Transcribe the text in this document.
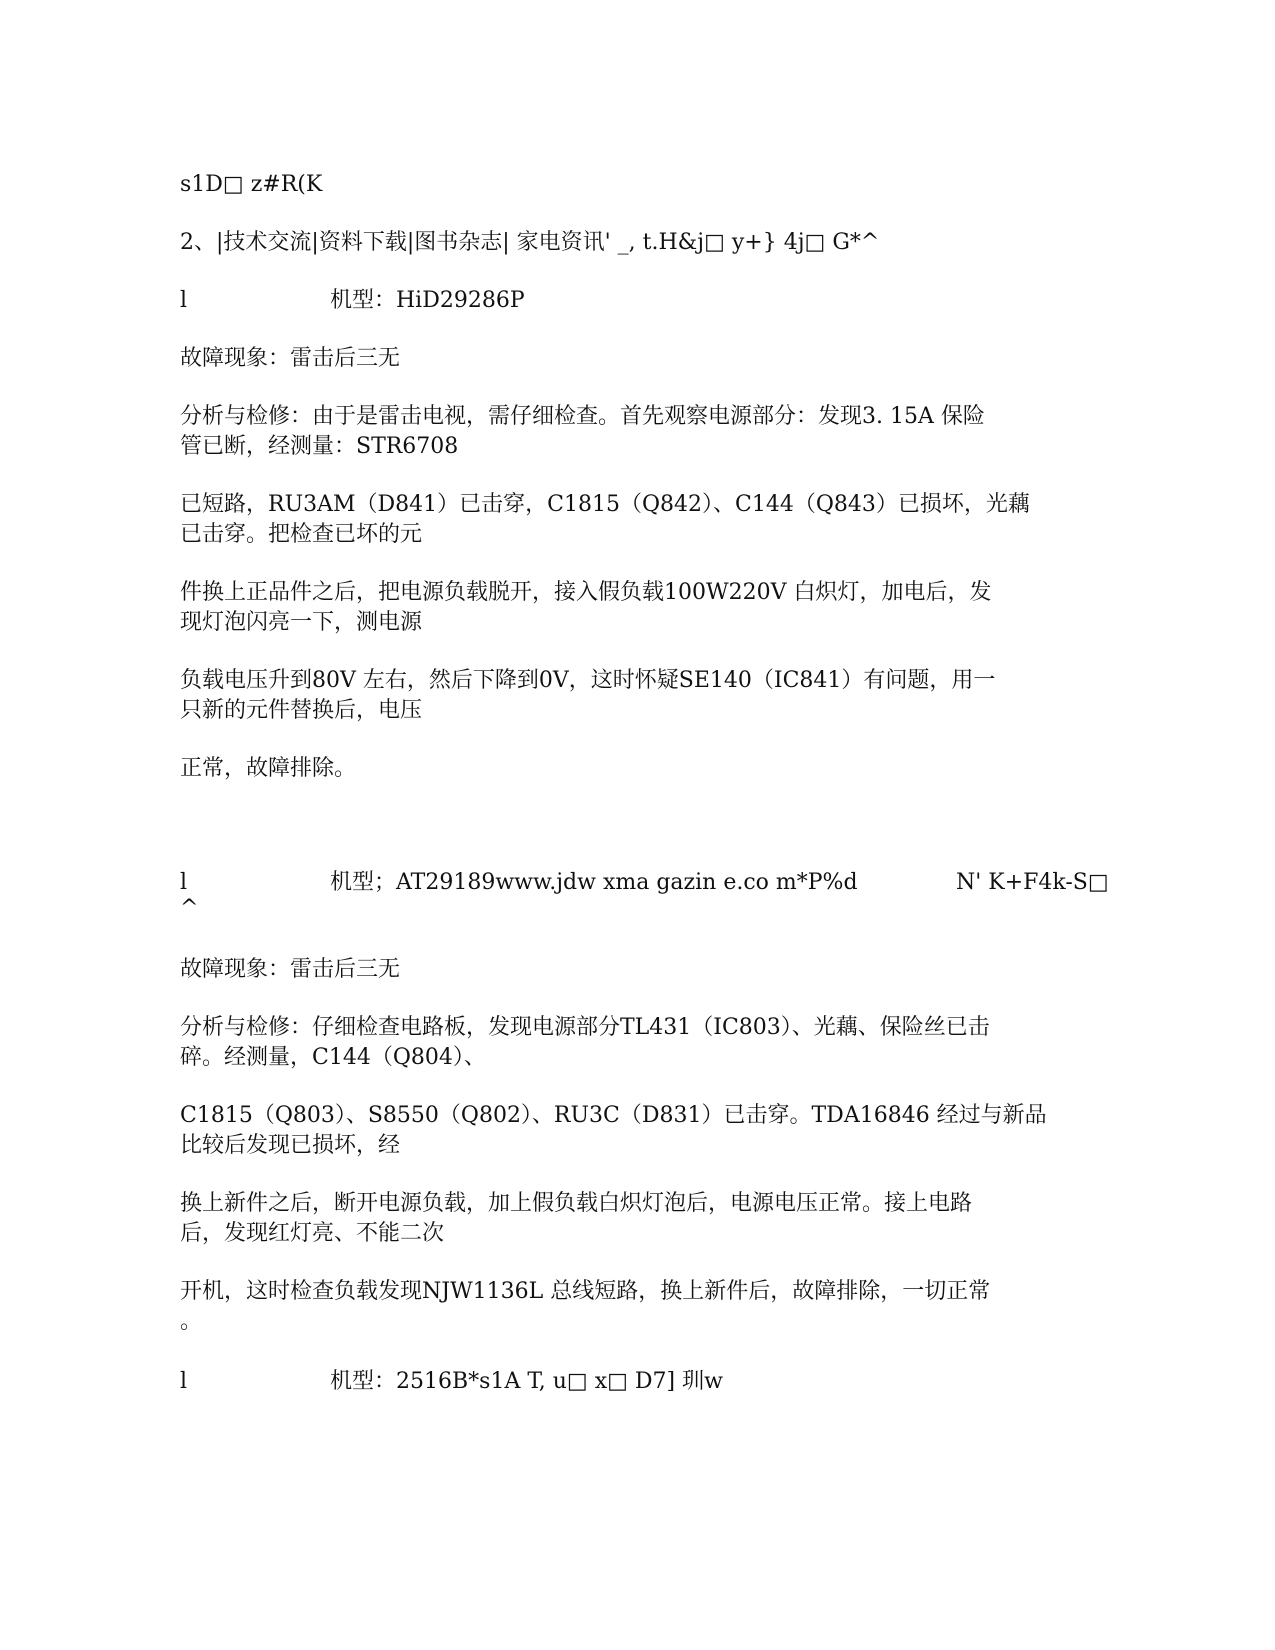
s1D□ z#R(K

2、|技术交流|资料下载|图书杂志| 家电资讯' _, t.H&j□ y+} 4j□ G*^

l	机型：HiD29286P

故障现象：雷击后三无

分析与检修：由于是雷击电视，需仔细检查。首先观察电源部分：发现3. 15A 保险

管已断，经测量：STR6708

已短路，RU3AM（D841）已击穿，C1815（Q842）、C144（Q843）已损坏，光藕

已击穿。把检查已坏的元

件换上正品件之后，把电源负载脱开，接入假负载100W220V 白炽灯，加电后，发

现灯泡闪亮一下，测电源

负载电压升到80V 左右，然后下降到0V，这时怀疑SE140（IC841）有问题，用一

只新的元件替换后，电压

正常，故障排除。

l	机型；AT29189www.jdw xma gazin e.co m*P%d	N' K+F4k-S□

^

故障现象：雷击后三无

分析与检修：仔细检查电路板，发现电源部分TL431（IC803）、光藕、保险丝已击

碎。经测量，C144（Q804）、

C1815（Q803）、S8550（Q802）、RU3C（D831）已击穿。TDA16846 经过与新品

比较后发现已损坏，经

换上新件之后，断开电源负载，加上假负载白炽灯泡后，电源电压正常。接上电路

后，发现红灯亮、不能二次

开机，这时检查负载发现NJW1136L 总线短路，换上新件后，故障排除，一切正常

。

l	机型：2516B*s1A T, u□ x□ D7] 玔w
